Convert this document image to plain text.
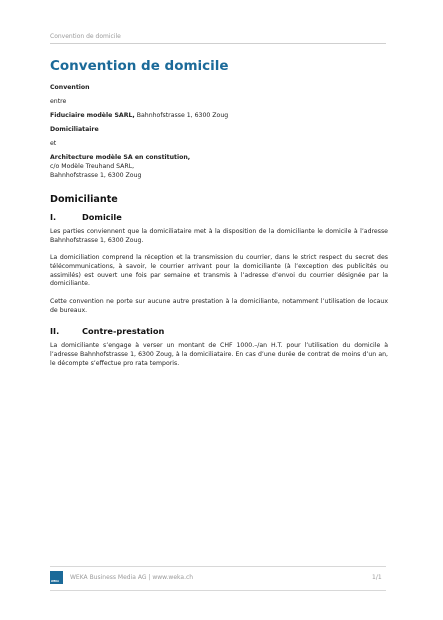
Convention de domicile
Convention de domicile
Convention
entre
Fiduciaire modèle SARL, Bahnhofstrasse 1, 6300 Zoug
Domiciliataire
et
Architecture modèle SA en constitution,
c/o Modèle Treuhand SARL,
Bahnhofstrasse 1, 6300 Zoug
Domiciliante
I.	Domicile
Les parties conviennent que la domiciliataire met à la disposition de la domiciliante le domicile à l’adresse Bahnhofstrasse 1, 6300 Zoug.
La domiciliation comprend la réception et la transmission du courrier, dans le strict respect du secret des télécommunications, à savoir, le courrier arrivant pour la domiciliante (à l’exception des publicités ou assimilés) est ouvert une fois par semaine et transmis à l’adresse d’envoi du courrier désignée par la domiciliante.
Cette convention ne porte sur aucune autre prestation à la domiciliante, notamment l’utilisation de locaux de bureaux.
II.	Contre-prestation
La domiciliante s’engage à verser un montant de CHF 1000.–/an H.T. pour l’utilisation du domicile à l’adresse Bahnhofstrasse 1, 6300 Zoug, à la domiciliataire. En cas d’une durée de contrat de moins d’un an, le décompte s’effectue pro rata temporis.
WEKA
WEKA Business Media AG | www.weka.ch	1/1
